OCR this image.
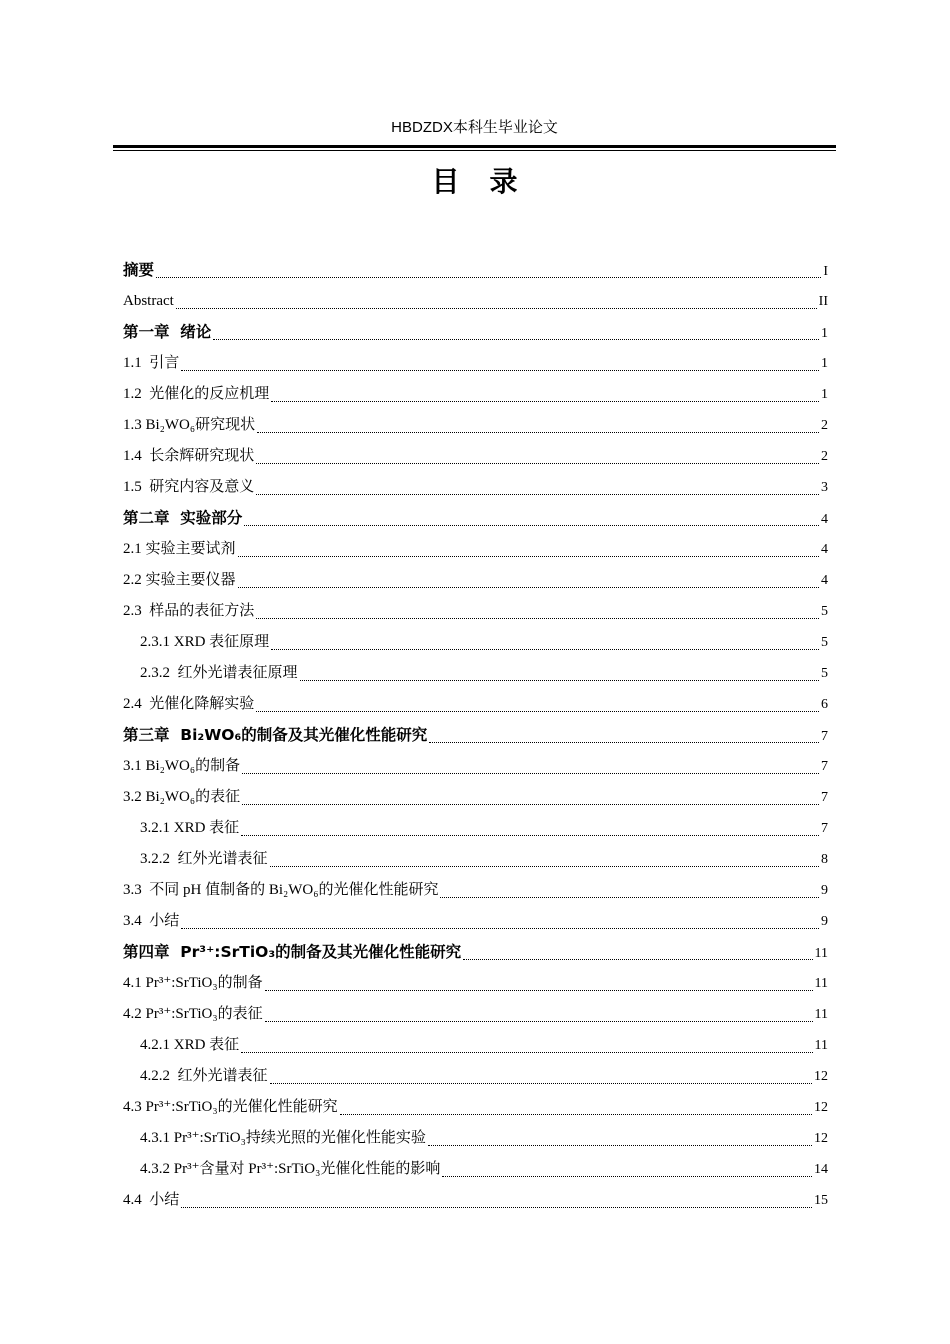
HBDZDX本科生毕业论文
目录
摘要	I
Abstract	II
第一章  绪论	1
1.1  引言	1
1.2  光催化的反应机理	1
1.3 Bi₂WO₆研究现状	2
1.4  长余辉研究现状	2
1.5  研究内容及意义	3
第二章  实验部分	4
2.1 实验主要试剂	4
2.2 实验主要仪器	4
2.3  样品的表征方法	5
2.3.1 XRD 表征原理	5
2.3.2  红外光谱表征原理	5
2.4  光催化降解实验	6
第三章  Bi₂WO₆的制备及其光催化性能研究	7
3.1 Bi₂WO₆的制备	7
3.2 Bi₂WO₆的表征	7
3.2.1 XRD 表征	7
3.2.2  红外光谱表征	8
3.3  不同 pH 值制备的 Bi₂WO₆的光催化性能研究	9
3.4  小结	9
第四章  Pr³⁺:SrTiO₃的制备及其光催化性能研究	11
4.1 Pr³⁺:SrTiO₃的制备	11
4.2 Pr³⁺:SrTiO₃的表征	11
4.2.1 XRD 表征	11
4.2.2  红外光谱表征	12
4.3 Pr³⁺:SrTiO₃的光催化性能研究	12
4.3.1 Pr³⁺:SrTiO₃持续光照的光催化性能实验	12
4.3.2 Pr³⁺含量对 Pr³⁺:SrTiO₃光催化性能的影响	14
4.4  小结	15
